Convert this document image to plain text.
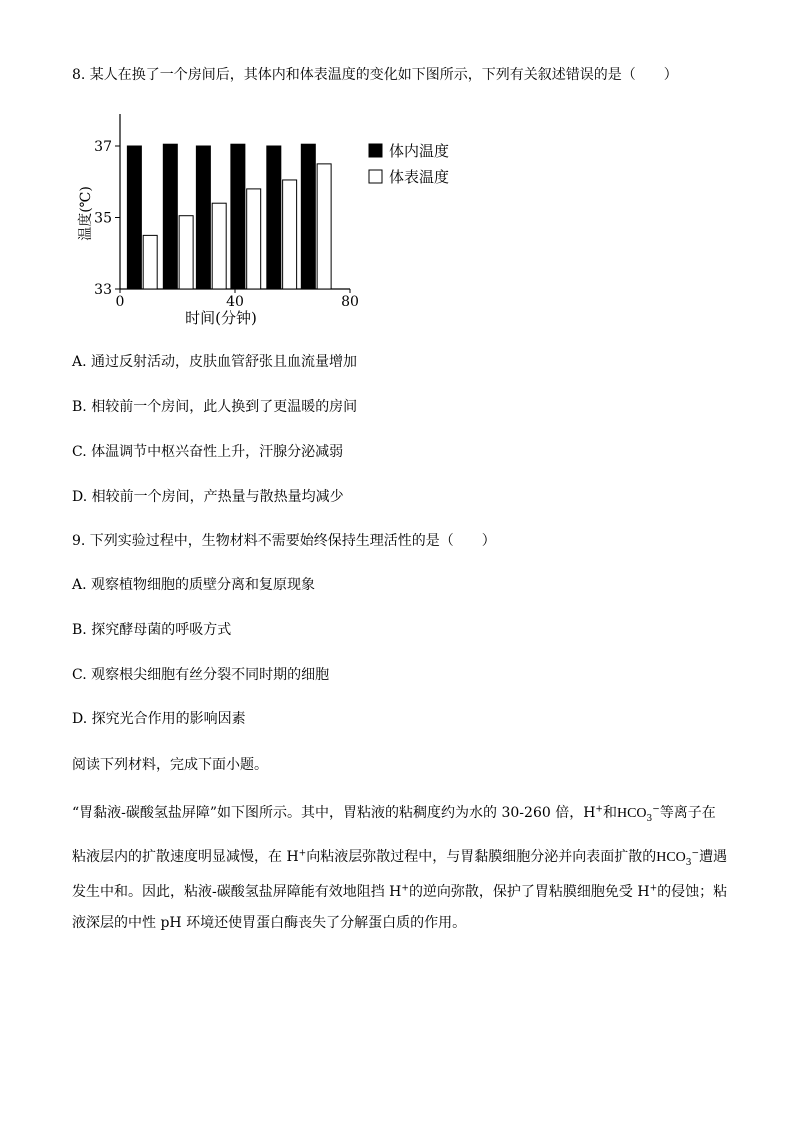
8. 某人在换了一个房间后，其体内和体表温度的变化如下图所示，下列有关叙述错误的是（　　）
33
35
37
0	40	80
时间(分钟)
温度(℃)
体内温度
体表温度
A. 通过反射活动，皮肤血管舒张且血流量增加
B. 相较前一个房间，此人换到了更温暖的房间
C. 体温调节中枢兴奋性上升，汗腺分泌减弱
D. 相较前一个房间，产热量与散热量均减少
9. 下列实验过程中，生物材料不需要始终保持生理活性的是（　　）
A. 观察植物细胞的质壁分离和复原现象
B. 探究酵母菌的呼吸方式
C. 观察根尖细胞有丝分裂不同时期的细胞
D. 探究光合作用的影响因素
阅读下列材料，完成下面小题。
“胃黏液-碳酸氢盐屏障”如下图所示。其中，胃粘液的粘稠度约为水的 30-260 倍，H+和$HCO_3^-$等离子在
粘液层内的扩散速度明显减慢，在 H+向粘液层弥散过程中，与胃黏膜细胞分泌并向表面扩散的$HCO_3^-$遭遇
发生中和。因此，粘液-碳酸氢盐屏障能有效地阻挡 H+的逆向弥散，保护了胃粘膜细胞免受 H+的侵蚀；粘
液深层的中性 pH 环境还使胃蛋白酶丧失了分解蛋白质的作用。
